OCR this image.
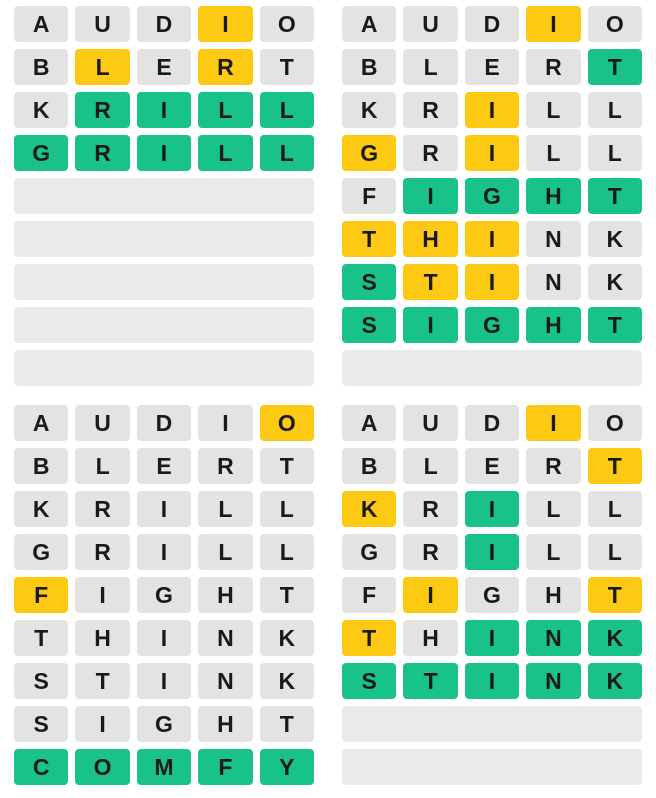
A	U	D	I	O
B	L	E	R	T
K	R	I	L	L
G	R	I	L	L
A	U	D	I	O
B	L	E	R	T
K	R	I	L	L
G	R	I	L	L
F	I	G	H	T
T	H	I	N	K
S	T	I	N	K
S	I	G	H	T
A	U	D	I	O
B	L	E	R	T
K	R	I	L	L
G	R	I	L	L
F	I	G	H	T
T	H	I	N	K
S	T	I	N	K
S	I	G	H	T
C	O	M	F	Y
A	U	D	I	O
B	L	E	R	T
K	R	I	L	L
G	R	I	L	L
F	I	G	H	T
T	H	I	N	K
S	T	I	N	K
